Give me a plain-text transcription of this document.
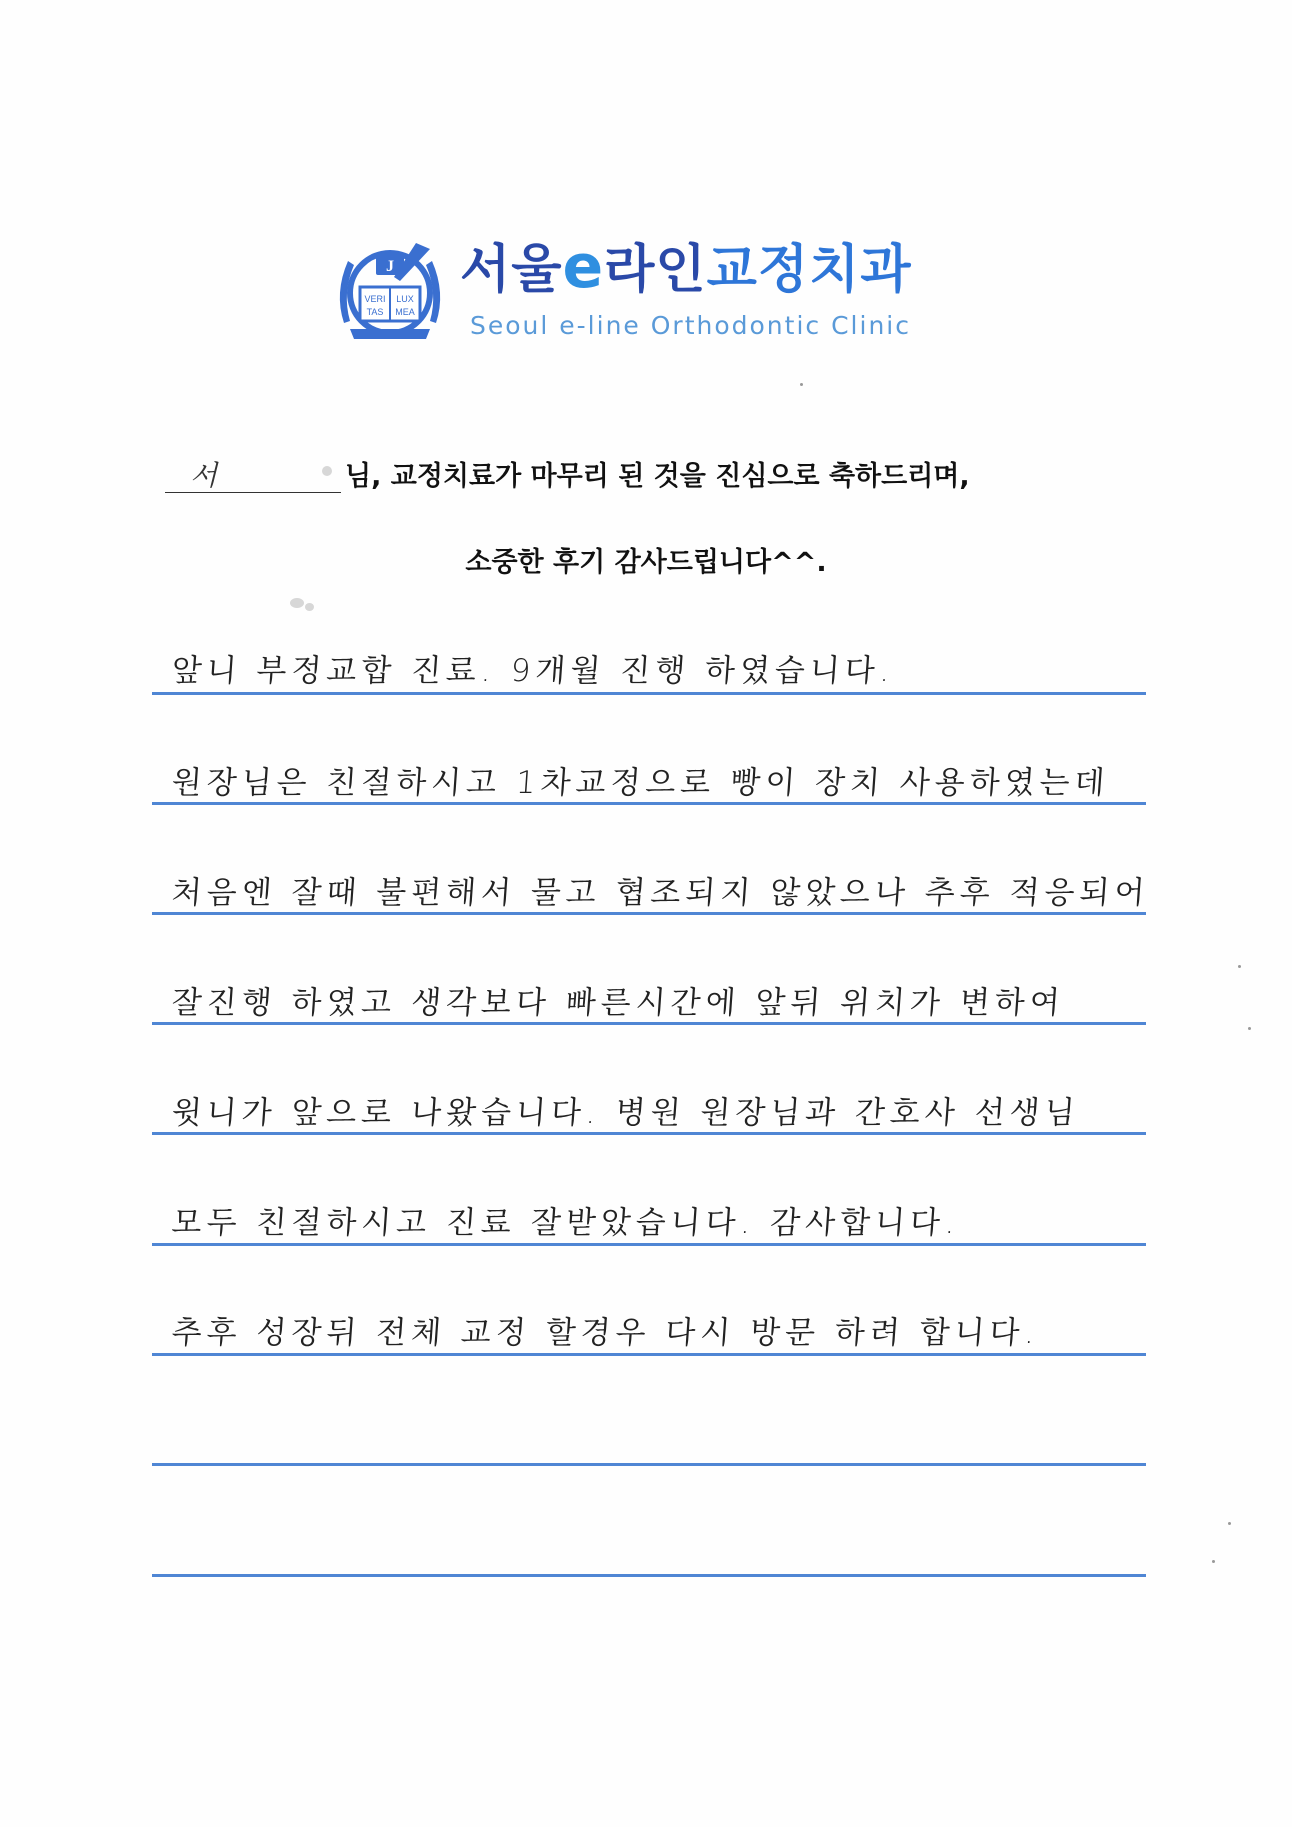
VERI LUX
TAS MEA
J 서울e라인교정치과
Seoul e-line Orthodontic Clinic
서	님, 교정치료가 마무리 된 것을 진심으로 축하드리며,
소중한 후기 감사드립니다^^.
앞니 부정교합 진료. 9개월 진행 하였습니다.
원장님은 친절하시고 1차교정으로 빵이 장치 사용하였는데
처음엔 잘때 불편해서 물고 협조되지 않았으나 추후 적응되어
잘진행 하였고 생각보다 빠른시간에 앞뒤 위치가 변하여
윗니가 앞으로 나왔습니다. 병원 원장님과 간호사 선생님
모두 친절하시고 진료 잘받았습니다. 감사합니다.
추후 성장뒤 전체 교정 할경우 다시 방문 하려 합니다.
